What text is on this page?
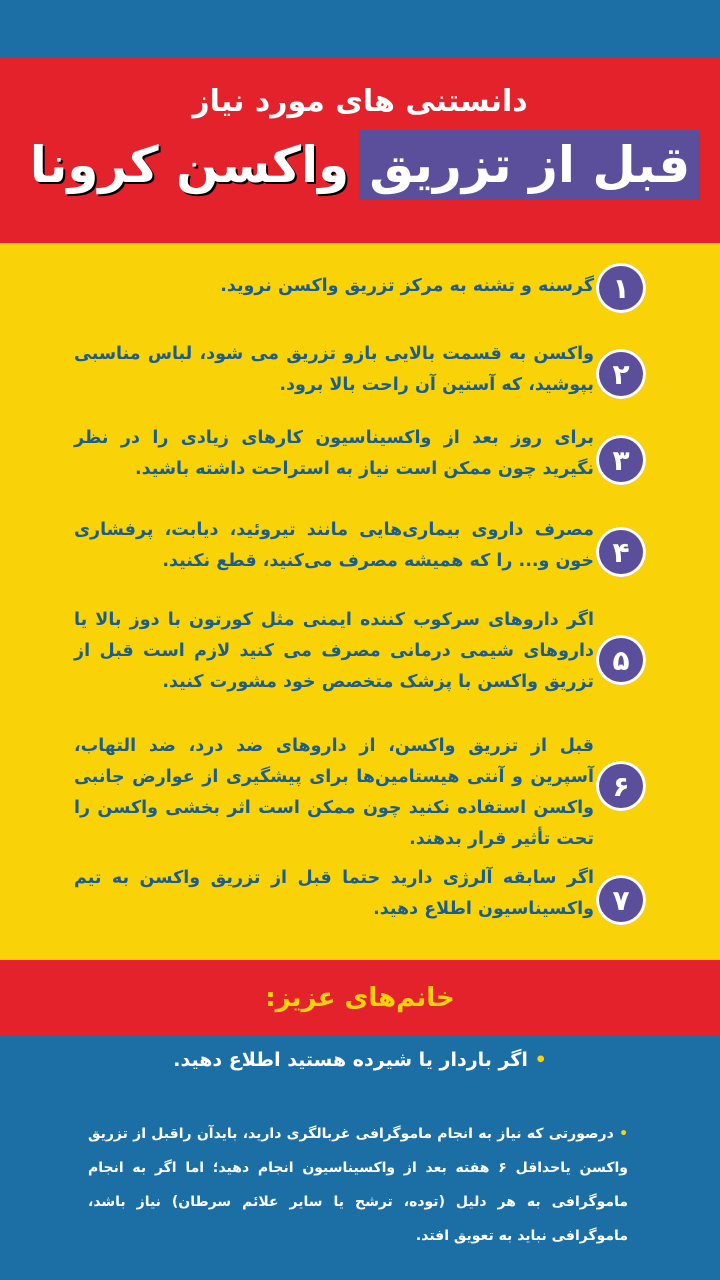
دانستنی های مورد نیاز
قبل از تزریق
واکسن کرونا
۱
گرسنه و تشنه به مرکز تزریق واکسن نروید.
۲
واکسن به قسمت بالایی بازو تزریق می شود، لباس مناسبی بپوشید، که آستین آن راحت بالا برود.
۳
برای روز بعد از واکسیناسیون کارهای زیادی را در نظر نگیرید چون ممکن است نیاز به استراحت داشته باشید.
۴
مصرف داروی بیماری‌هایی مانند تیروئید، دیابت، پرفشاری خون و... را که همیشه مصرف می‌کنید، قطع نکنید.
۵
اگر داروهای سرکوب کننده ایمنی مثل کورتون با دوز بالا یا داروهای شیمی درمانی مصرف می کنید لازم است قبل از تزریق واکسن با پزشک متخصص خود مشورت کنید.
۶
قبل از تزریق واکسن، از داروهای ضد درد، ضد التهاب، آسپرین و آنتی هیستامین‌ها برای پیشگیری از عوارض جانبی واکسن استفاده نکنید چون ممکن است اثر بخشی واکسن را تحت تأثیر قرار بدهند.
۷
اگر سابقه آلرژی دارید حتما قبل از تزریق واکسن به تیم واکسیناسیون اطلاع دهید.
خانم‌های عزیز:
• اگر باردار یا شیرده هستید اطلاع دهید.
• درصورتی که نیاز به انجام ماموگرافی غربالگری دارید، بایدآن راقبل از تزریق واکسن یاحداقل ۶ هفته بعد از واکسیناسیون انجام دهید؛ اما اگر به انجام ماموگرافی به هر دلیل (توده، ترشح یا سایر علائم سرطان) نیاز باشد، ماموگرافی نباید به تعویق افتد.
